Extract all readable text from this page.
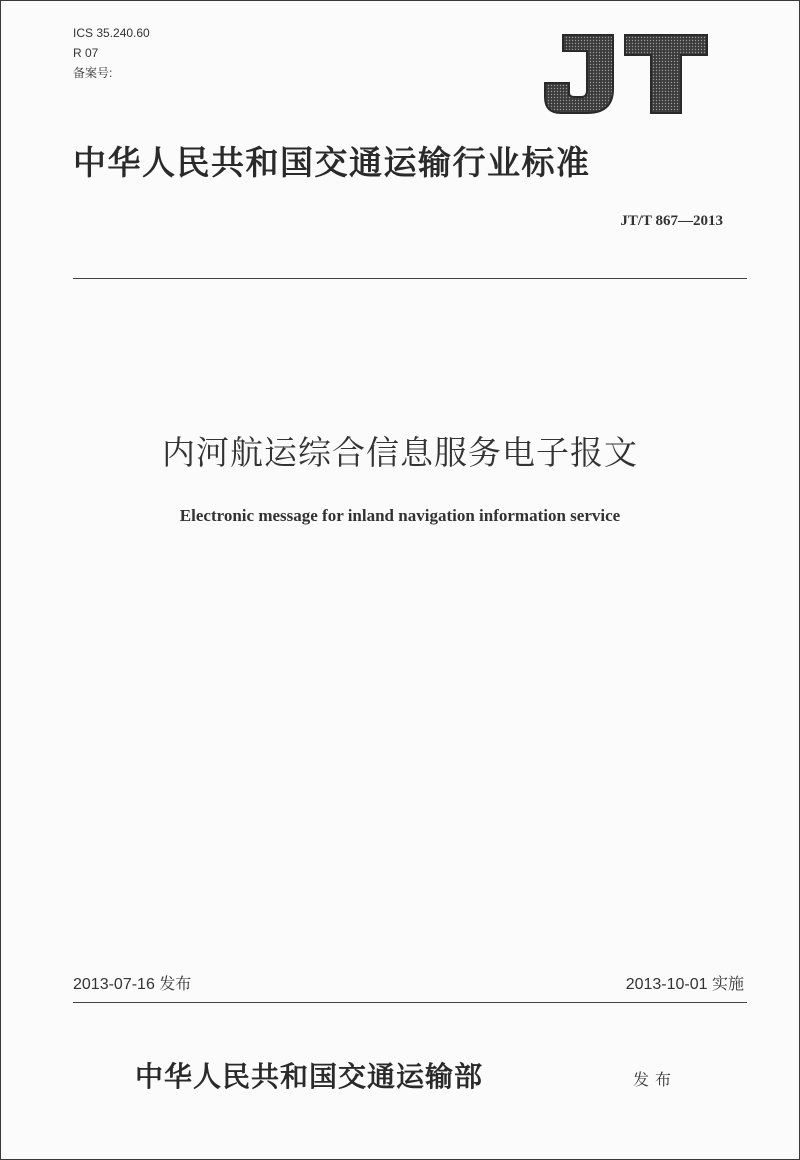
ICS 35.240.60
R 07
备案号:
中华人民共和国交通运输行业标准
JT/T 867—2013
内河航运综合信息服务电子报文
Electronic message for inland navigation information service
2013-07-16 发布	2013-10-01 实施
中华人民共和国交通运输部	发布
